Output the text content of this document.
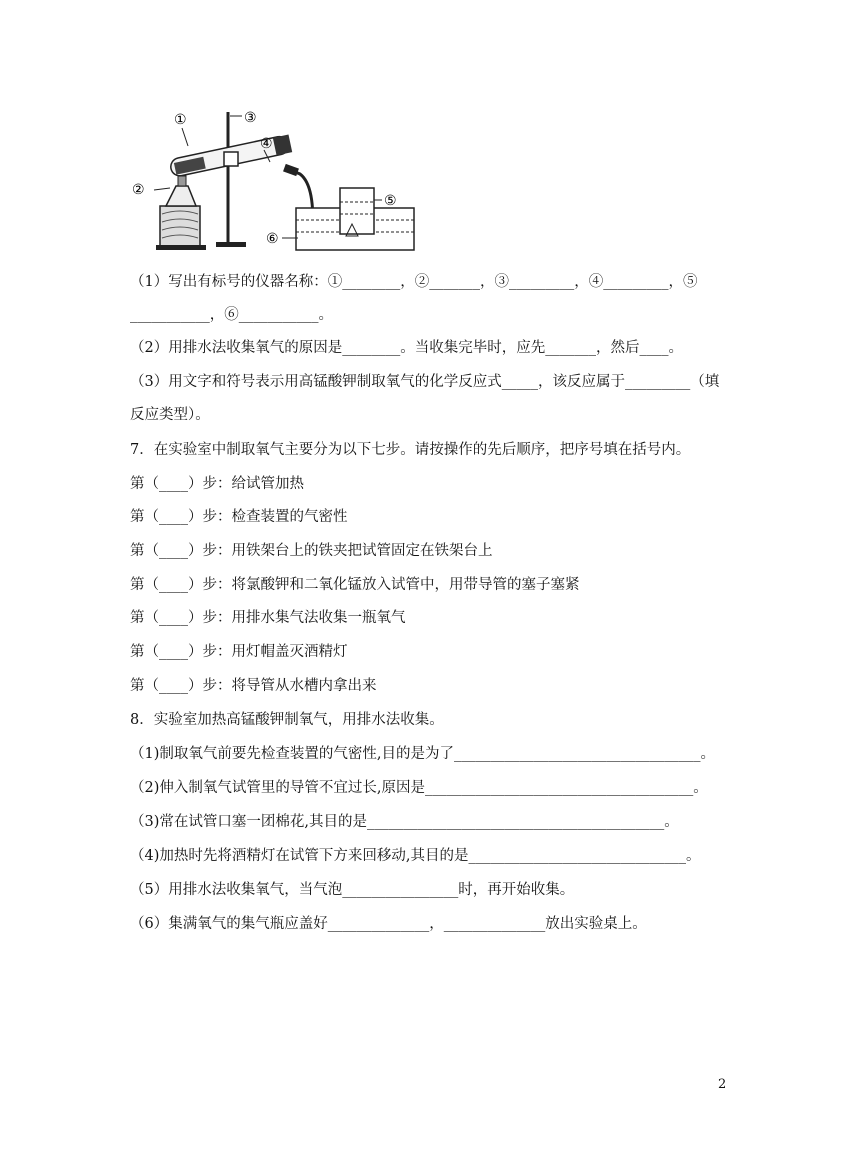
①
②
③
④
⑤
⑥
（1）写出有标号的仪器名称：①________，②_______，③_________，④_________，⑤
___________，⑥___________。
（2）用排水法收集氧气的原因是________。当收集完毕时，应先_______，然后____。
（3）用文字和符号表示用高锰酸钾制取氧气的化学反应式_____，该反应属于_________（填
反应类型）。
7．在实验室中制取氧气主要分为以下七步。请按操作的先后顺序，把序号填在括号内。
第（____）步：给试管加热
第（____）步：检查装置的气密性
第（____）步：用铁架台上的铁夹把试管固定在铁架台上
第（____）步：将氯酸钾和二氧化锰放入试管中，用带导管的塞子塞紧
第（____）步：用排水集气法收集一瓶氧气
第（____）步：用灯帽盖灭酒精灯
第（____）步：将导管从水槽内拿出来
8．实验室加热高锰酸钾制氧气，用排水法收集。
（1)制取氧气前要先检查装置的气密性,目的是为了__________________________________。
（2)伸入制氧气试管里的导管不宜过长,原因是_____________________________________。
（3)常在试管口塞一团棉花,其目的是_________________________________________。
（4)加热时先将酒精灯在试管下方来回移动,其目的是______________________________。
（5）用排水法收集氧气，当气泡________________时，再开始收集。
（6）集满氧气的集气瓶应盖好______________，______________放出实验桌上。
2
